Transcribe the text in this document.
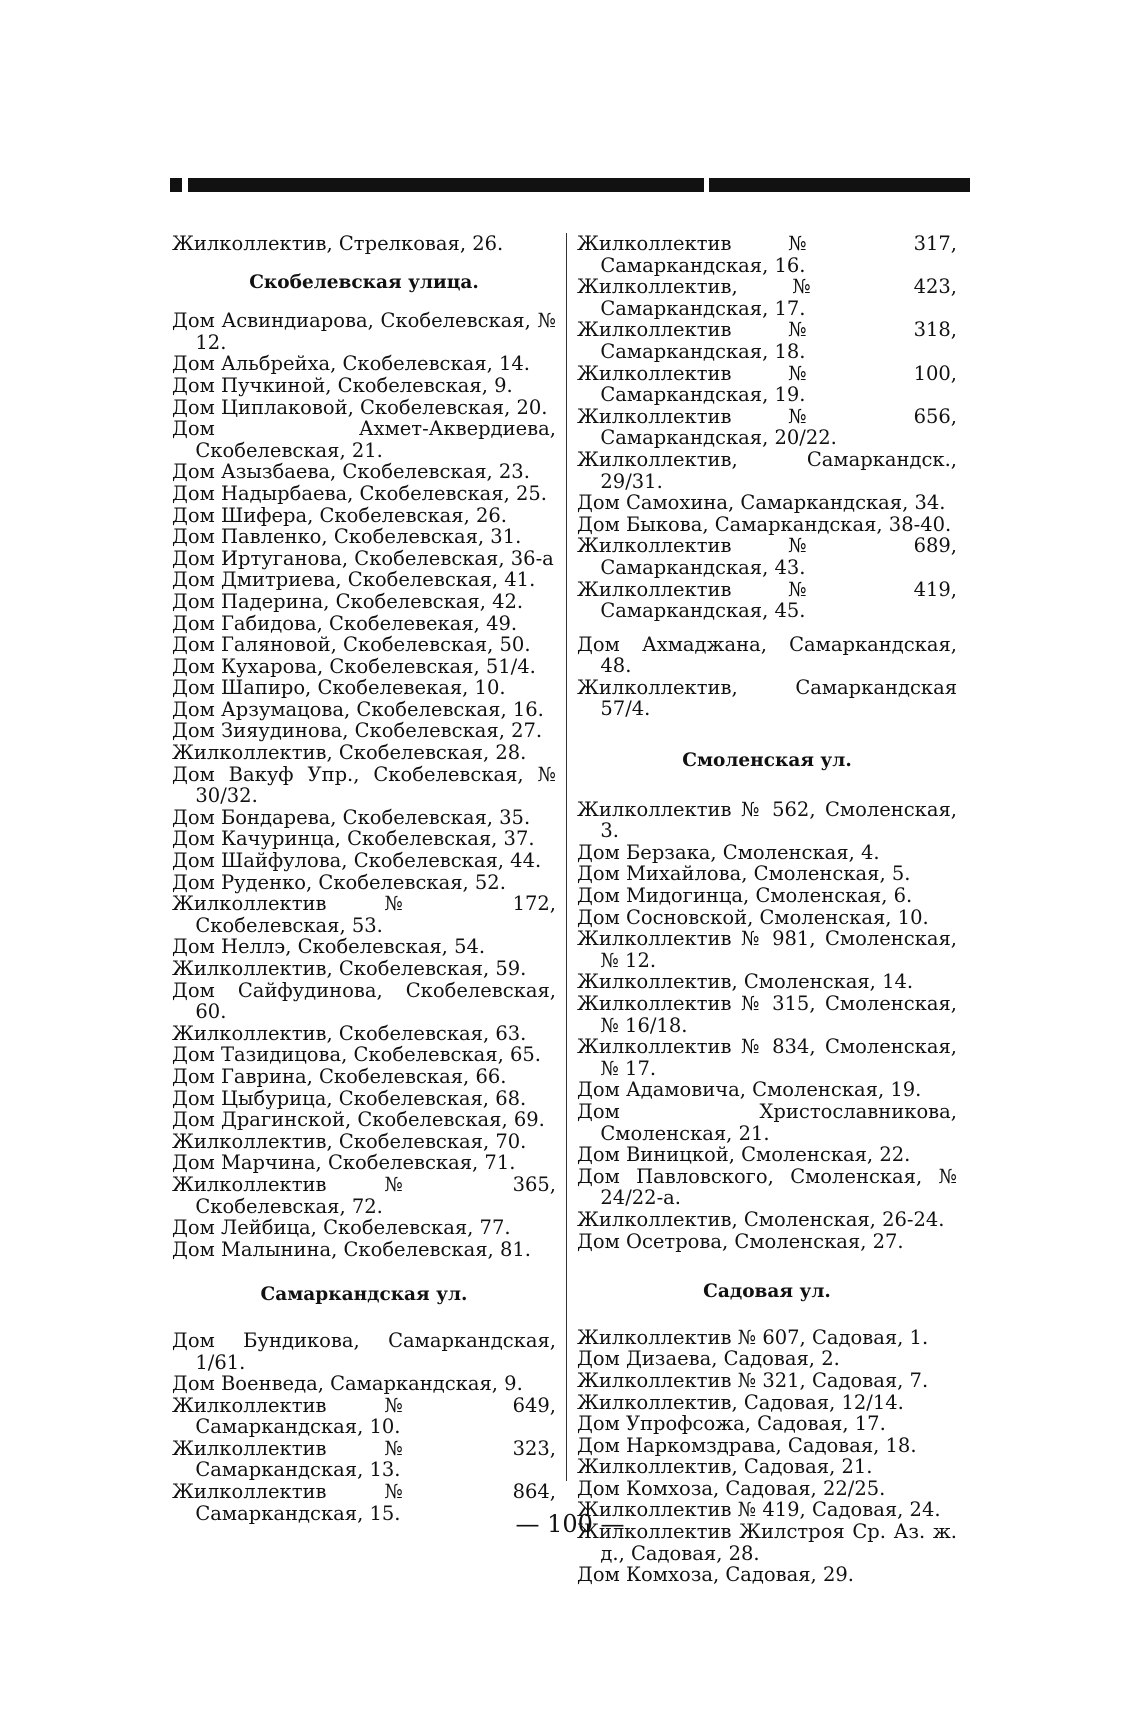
Жилколлектив, Стрелковая, 26.

Скобелевская улица.

Дом Асвиндиарова, Скобелевская, № 12.

Дом Альбрейха, Скобелевская, 14.

Дом Пучкиной, Скобелевская, 9.

Дом Циплаковой, Скобелевская, 20.

Дом Ахмет-Аквердиева, Скобелевская, 21.

Дом Азызбаева, Скобелевская, 23.

Дом Надырбаева, Скобелевская, 25.

Дом Шифера, Скобелевская, 26.

Дом Павленко, Скобелевская, 31.

Дом Иртуганова, Скобелевская, 36-а

Дом Дмитриева, Скобелевская, 41.

Дом Падерина, Скобелевская, 42.

Дом Габидова, Скобелевекая, 49.

Дом Галяновой, Скобелевская, 50.

Дом Кухарова, Скобелевская, 51/4.

Дом Шапиро, Скобелевекая, 10.

Дом Арзумацова, Скобелевская, 16.

Дом Зияудинова, Скобелевская, 27.

Жилколлектив, Скобелевская, 28.

Дом Вакуф Упр., Скобелевская, № 30/32.

Дом Бондарева, Скобелевская, 35.

Дом Качуринца, Скобелевская, 37.

Дом Шайфулова, Скобелевская, 44.

Дом Руденко, Скобелевская, 52.

Жилколлектив № 172, Скобелевская, 53.

Дом Неллэ, Скобелевская, 54.

Жилколлектив, Скобелевская, 59.

Дом Сайфудинова, Скобелевская, 60.

Жилколлектив, Скобелевская, 63.

Дом Тазидицова, Скобелевская, 65.

Дом Гаврина, Скобелевская, 66.

Дом Цыбурица, Скобелевская, 68.

Дом Драгинской, Скобелевская, 69.

Жилколлектив, Скобелевская, 70.

Дом Марчина, Скобелевская, 71.

Жилколлектив № 365, Скобелевская, 72.

Дом Лейбица, Скобелевская, 77.

Дом Малынина, Скобелевская, 81.

Самаркандская ул.

Дом Бундикова, Самаркандская, 1/61.

Дом Военведа, Самаркандская, 9.

Жилколлектив № 649, Самаркандская, 10.

Жилколлектив № 323, Самаркандская, 13.

Жилколлектив № 864, Самаркандская, 15.

Жилколлектив № 317, Самаркандская, 16.

Жилколлектив, № 423, Самаркандская, 17.

Жилколлектив № 318, Самаркандская, 18.

Жилколлектив № 100, Самаркандская, 19.

Жилколлектив № 656, Самаркандская, 20/22.

Жилколлектив, Самаркандск., 29/31.

Дом Самохина, Самаркандская, 34.

Дом Быкова, Самаркандская, 38-40.

Жилколлектив № 689, Самаркандская, 43.

Жилколлектив № 419, Самаркандская, 45.

Дом Ахмаджана, Самаркандская, 48.

Жилколлектив, Самаркандская 57/4.

Смоленская ул.

Жилколлектив № 562, Смоленская, 3.

Дом Берзака, Смоленская, 4.

Дом Михайлова, Смоленская, 5.

Дом Мидогинца, Смоленская, 6.

Дом Сосновской, Смоленская, 10.

Жилколлектив № 981, Смоленская, № 12.

Жилколлектив, Смоленская, 14.

Жилколлектив № 315, Смоленская, № 16/18.

Жилколлектив № 834, Смоленская, № 17.

Дом Адамовича, Смоленская, 19.

Дом Христославникова, Смоленская, 21.

Дом Виницкой, Смоленская, 22.

Дом Павловского, Смоленская, № 24/22-а.

Жилколлектив, Смоленская, 26-24.

Дом Осетрова, Смоленская, 27.

Садовая ул.

Жилколлектив № 607, Садовая, 1.

Дом Дизаева, Садовая, 2.

Жилколлектив № 321, Садовая, 7.

Жилколлектив, Садовая, 12/14.

Дом Упрофсожа, Садовая, 17.

Дом Наркомздрава, Садовая, 18.

Жилколлектив, Садовая, 21.

Дом Комхоза, Садовая, 22/25.

Жилколлектив № 419, Садовая, 24.

Жилколлектив Жилстроя Ср. Аз. ж. д., Садовая, 28.

Дом Комхоза, Садовая, 29.

— 100 —
